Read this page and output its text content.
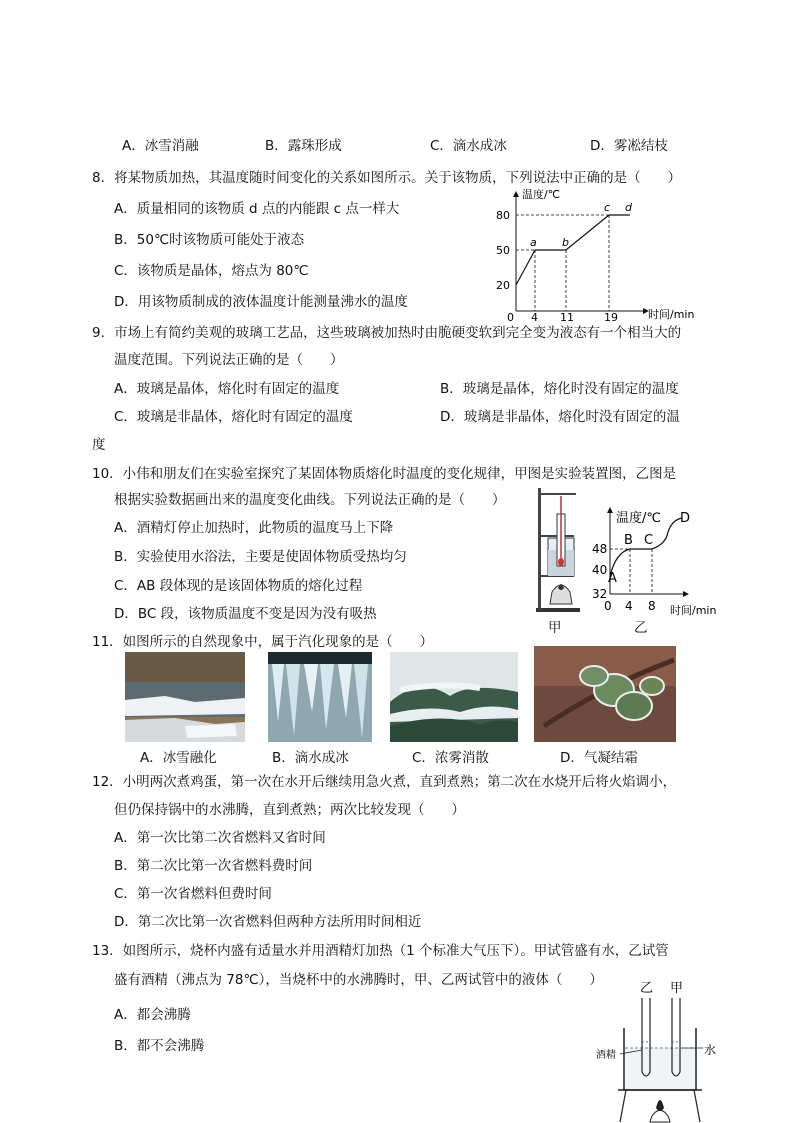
A．冰雪消融	B．露珠形成	C．滴水成冰	D．雾凇结枝
8．将某物质加热，其温度随时间变化的关系如图所示。关于该物质，下列说法中正确的是（　　）
A．质量相同的该物质 d 点的内能跟 c 点一样大
B．50℃时该物质可能处于液态
C．该物质是晶体，熔点为 80℃
D．用该物质制成的液体温度计能测量沸水的温度
温度/℃
时间/min
80
50
20
0 4 11	19
a b
c d
9．市场上有简约美观的玻璃工艺品，这些玻璃被加热时由脆硬变软到完全变为液态有一个相当大的
温度范围。下列说法正确的是（　　）
A．玻璃是晶体，熔化时有固定的温度	B．玻璃是晶体，熔化时没有固定的温度
C．玻璃是非晶体，熔化时有固定的温度	D．玻璃是非晶体，熔化时没有固定的温
度
10．小伟和朋友们在实验室探究了某固体物质熔化时温度的变化规律，甲图是实验装置图，乙图是
根据实验数据画出来的温度变化曲线。下列说法正确的是（　　）
A．酒精灯停止加热时，此物质的温度马上下降
B．实验使用水浴法，主要是使固体物质受热均匀
C．AB 段体现的是该固体物质的熔化过程
D．BC 段，该物质温度不变是因为没有吸热
甲
温度/℃
时间/min
48
40
32
0 4 8
A
B C
D
乙
11．如图所示的自然现象中，属于汽化现象的是（　　）
A．冰雪融化	B．滴水成冰	C．浓雾消散	D．气凝结霜
12．小明两次煮鸡蛋，第一次在水开后继续用急火煮，直到煮熟；第二次在水烧开后将火焰调小，
但仍保持锅中的水沸腾，直到煮熟；两次比较发现（　　）
A．第一次比第二次省燃料又省时间
B．第二次比第一次省燃料费时间
C．第一次省燃料但费时间
D．第二次比第一次省燃料但两种方法所用时间相近
13．如图所示，烧杯内盛有适量水并用酒精灯加热（1 个标准大气压下）。甲试管盛有水，乙试管
盛有酒精（沸点为 78℃），当烧杯中的水沸腾时，甲、乙两试管中的液体（　　）
A．都会沸腾
B．都不会沸腾
乙 甲
酒精	水
